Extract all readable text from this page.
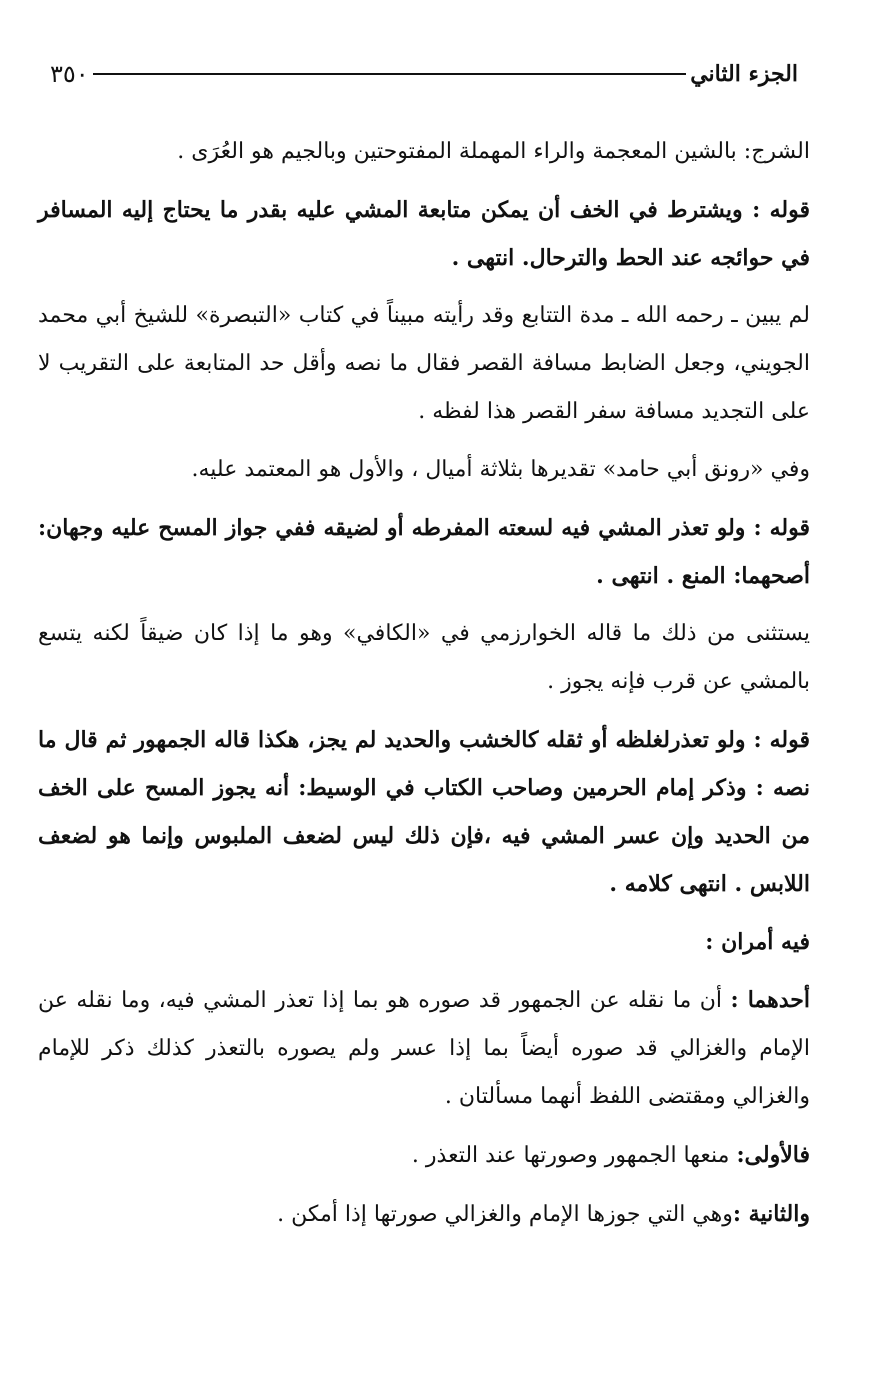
الجزء الثاني
٣٥٠

الشرج: بالشين المعجمة والراء المهملة المفتوحتين وبالجيم هو العُرَى .

قوله : ويشترط في الخف أن يمكن متابعة المشي عليه بقدر ما يحتاج إليه المسافر في حوائجه عند الحط والترحال. انتهى .

لم يبين ـ رحمه الله ـ مدة التتابع وقد رأيته مبيناً في كتاب «التبصرة» للشيخ أبي محمد الجويني، وجعل الضابط مسافة القصر فقال ما نصه وأقل حد المتابعة على التقريب لا على التجديد مسافة سفر القصر هذا لفظه .

وفي «رونق أبي حامد» تقديرها بثلاثة أميال ، والأول هو المعتمد عليه.

قوله : ولو تعذر المشي فيه لسعته المفرطه أو لضيقه ففي جواز المسح عليه وجهان: أصحهما: المنع . انتهى .

يستثنى من ذلك ما قاله الخوارزمي في «الكافي» وهو ما إذا كان ضيقاً لكنه يتسع بالمشي عن قرب فإنه يجوز .

قوله : ولو تعذرلغلظه أو ثقله كالخشب والحديد لم يجز، هكذا قاله الجمهور ثم قال ما نصه : وذكر إمام الحرمين وصاحب الكتاب في الوسيط: أنه يجوز المسح على الخف من الحديد وإن عسر المشي فيه ،فإن ذلك ليس لضعف الملبوس وإنما هو لضعف اللابس . انتهى كلامه .

فيه أمران :

أحدهما : أن ما نقله عن الجمهور قد صوره هو بما إذا تعذر المشي فيه، وما نقله عن الإمام والغزالي قد صوره أيضاً بما إذا عسر ولم يصوره بالتعذر كذلك ذكر للإمام والغزالي ومقتضى اللفظ أنهما مسألتان .

فالأولى: منعها الجمهور وصورتها عند التعذر .

والثانية :وهي التي جوزها الإمام والغزالي صورتها إذا أمكن .
